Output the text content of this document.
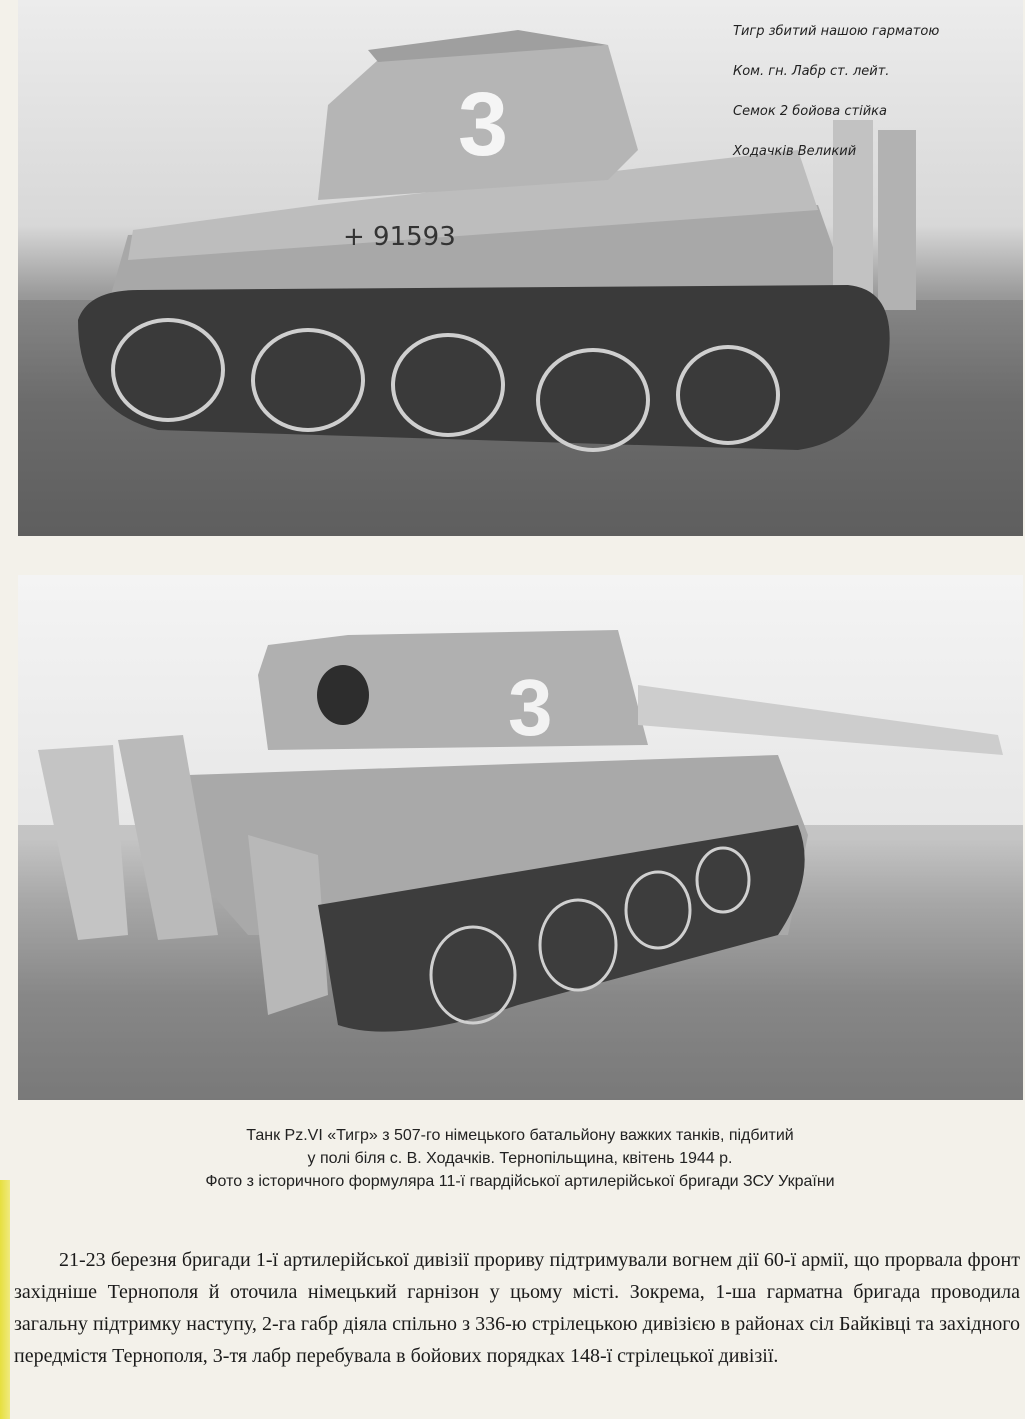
3
+ 91593

Тигр збитий нашою гарматою

Ком. гн. Лабр ст. лейт.

Семок 2 бойова стійка

Ходачків Великий

3

Танк Pz.VI «Тигр» з 507-го німецького батальйону важких танків, підбитий
у полі біля с. В. Ходачків. Тернопільщина, квітень 1944 р.
Фото з історичного формуляра 11-ї гвардійської артилерійської бригади ЗСУ України

21-23 березня бригади 1-ї артилерійської дивізії прориву підтримували вогнем дії 60-ї армії, що прорвала фронт західніше Тернополя й оточила німецький гарнізон у цьому місті. Зокрема, 1-ша гарматна бригада проводила загальну підтримку наступу, 2-га габр діяла спільно з 336-ю стрілецькою дивізією в районах сіл Байківці та західного передмістя Тернополя, 3-тя лабр перебувала в бойових порядках 148-ї стрілецької дивізії.
